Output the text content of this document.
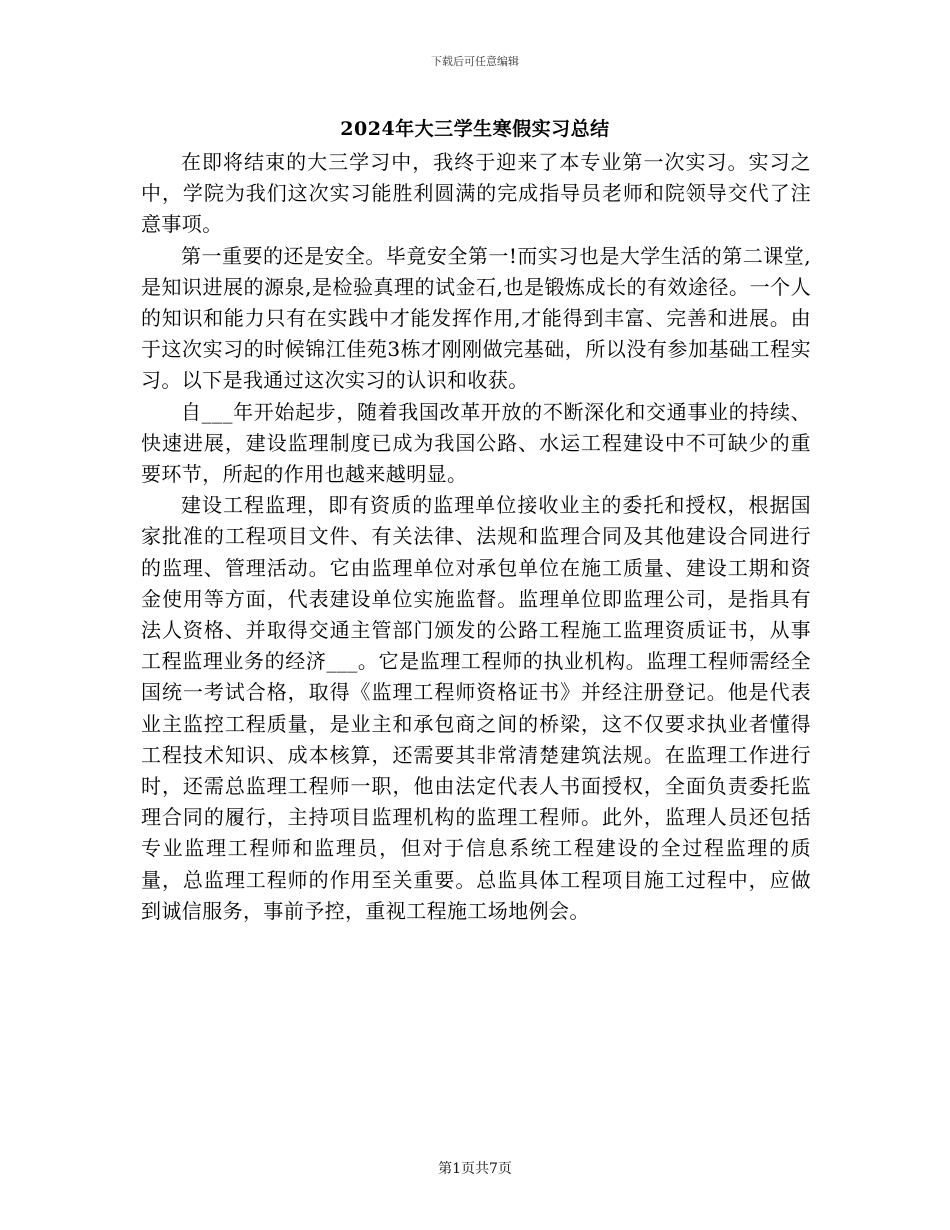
下载后可任意编辑
2024年大三学生寒假实习总结

在即将结束的大三学习中，我终于迎来了本专业第一次实习。实习之中，学院为我们这次实习能胜利圆满的完成指导员老师和院领导交代了注意事项。

第一重要的还是安全。毕竟安全第一!而实习也是大学生活的第二课堂,是知识进展的源泉,是检验真理的试金石,也是锻炼成长的有效途径。一个人的知识和能力只有在实践中才能发挥作用,才能得到丰富、完善和进展。由于这次实习的时候锦江佳苑3栋才刚刚做完基础，所以没有参加基础工程实习。以下是我通过这次实习的认识和收获。

自___年开始起步，随着我国改革开放的不断深化和交通事业的持续、快速进展，建设监理制度已成为我国公路、水运工程建设中不可缺少的重要环节，所起的作用也越来越明显。

建设工程监理，即有资质的监理单位接收业主的委托和授权，根据国家批准的工程项目文件、有关法律、法规和监理合同及其他建设合同进行的监理、管理活动。它由监理单位对承包单位在施工质量、建设工期和资金使用等方面，代表建设单位实施监督。监理单位即监理公司，是指具有法人资格、并取得交通主管部门颁发的公路工程施工监理资质证书，从事工程监理业务的经济___。它是监理工程师的执业机构。监理工程师需经全国统一考试合格，取得《监理工程师资格证书》并经注册登记。他是代表业主监控工程质量，是业主和承包商之间的桥梁，这不仅要求执业者懂得工程技术知识、成本核算，还需要其非常清楚建筑法规。在监理工作进行时，还需总监理工程师一职，他由法定代表人书面授权，全面负责委托监理合同的履行，主持项目监理机构的监理工程师。此外，监理人员还包括专业监理工程师和监理员，但对于信息系统工程建设的全过程监理的质量，总监理工程师的作用至关重要。总监具体工程项目施工过程中，应做到诚信服务，事前予控，重视工程施工场地例会。

第1页共7页
